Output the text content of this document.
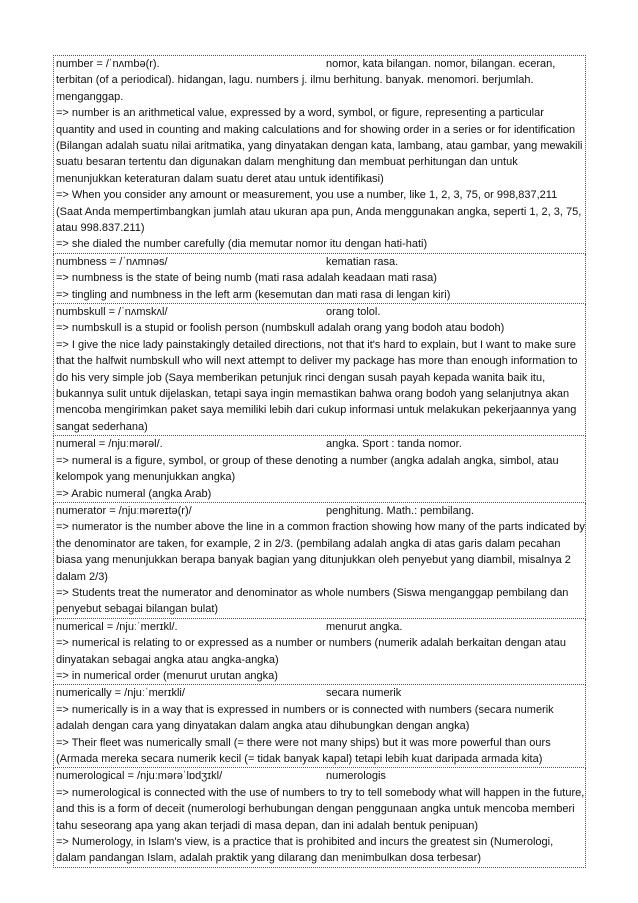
number = /ˈnʌmbə(r).	nomor, kata bilangan. nomor, bilangan. eceran,
terbitan (of a periodical). hidangan, lagu. numbers j. ilmu berhitung. banyak. menomori. berjumlah.
menganggap.
=> number is an arithmetical value, expressed by a word, symbol, or figure, representing a particular quantity and used in counting and making calculations and for showing order in a series or for identification (Bilangan adalah suatu nilai aritmatika, yang dinyatakan dengan kata, lambang, atau gambar, yang mewakili suatu besaran tertentu dan digunakan dalam menghitung dan membuat perhitungan dan untuk menunjukkan keteraturan dalam suatu deret atau untuk identifikasi)
=> When you consider any amount or measurement, you use a number, like 1, 2, 3, 75, or 998,837,211 (Saat Anda mempertimbangkan jumlah atau ukuran apa pun, Anda menggunakan angka, seperti 1, 2, 3, 75, atau 998.837.211)
=> she dialed the number carefully (dia memutar nomor itu dengan hati-hati)
numbness = /ˈnʌmnəs/	kematian rasa.
=> numbness is the state of being numb (mati rasa adalah keadaan mati rasa)
=> tingling and numbness in the left arm (kesemutan dan mati rasa di lengan kiri)
numbskull = /ˈnʌmskʌl/	orang tolol.
=> numbskull is a stupid or foolish person (numbskull adalah orang yang bodoh atau bodoh)
=> I give the nice lady painstakingly detailed directions, not that it's hard to explain, but I want to make sure that the halfwit numbskull who will next attempt to deliver my package has more than enough information to do his very simple job (Saya memberikan petunjuk rinci dengan susah payah kepada wanita baik itu, bukannya sulit untuk dijelaskan, tetapi saya ingin memastikan bahwa orang bodoh yang selanjutnya akan mencoba mengirimkan paket saya memiliki lebih dari cukup informasi untuk melakukan pekerjaannya yang sangat sederhana)
numeral = /njuːmərəl/.	angka. Sport : tanda nomor.
=> numeral is a figure, symbol, or group of these denoting a number (angka adalah angka, simbol, atau kelompok yang menunjukkan angka)
=> Arabic numeral (angka Arab)
numerator = /njuːməreɪtə(r)/	penghitung. Math.: pembilang.
=> numerator is the number above the line in a common fraction showing how many of the parts indicated by the denominator are taken, for example, 2 in 2/3. (pembilang adalah angka di atas garis dalam pecahan biasa yang menunjukkan berapa banyak bagian yang ditunjukkan oleh penyebut yang diambil, misalnya 2 dalam 2/3)
=> Students treat the numerator and denominator as whole numbers (Siswa menganggap pembilang dan penyebut sebagai bilangan bulat)
numerical = /njuːˈmerɪkl/.	menurut angka.
=> numerical is relating to or expressed as a number or numbers (numerik adalah berkaitan dengan atau dinyatakan sebagai angka atau angka-angka)
=> in numerical order (menurut urutan angka)
numerically = /njuːˈmerɪkli/	secara numerik
=> numerically is in a way that is expressed in numbers or is connected with numbers (secara numerik adalah dengan cara yang dinyatakan dalam angka atau dihubungkan dengan angka)
=> Their fleet was numerically small (= there were not many ships) but it was more powerful than ours (Armada mereka secara numerik kecil (= tidak banyak kapal) tetapi lebih kuat daripada armada kita)
numerological = /njuːmərəˈlɒdʒɪkl/	numerologis
=> numerological is connected with the use of numbers to try to tell somebody what will happen in the future, and this is a form of deceit (numerologi berhubungan dengan penggunaan angka untuk mencoba memberi tahu seseorang apa yang akan terjadi di masa depan, dan ini adalah bentuk penipuan)
=> Numerology, in Islam's view, is a practice that is prohibited and incurs the greatest sin (Numerologi, dalam pandangan Islam, adalah praktik yang dilarang dan menimbulkan dosa terbesar)
